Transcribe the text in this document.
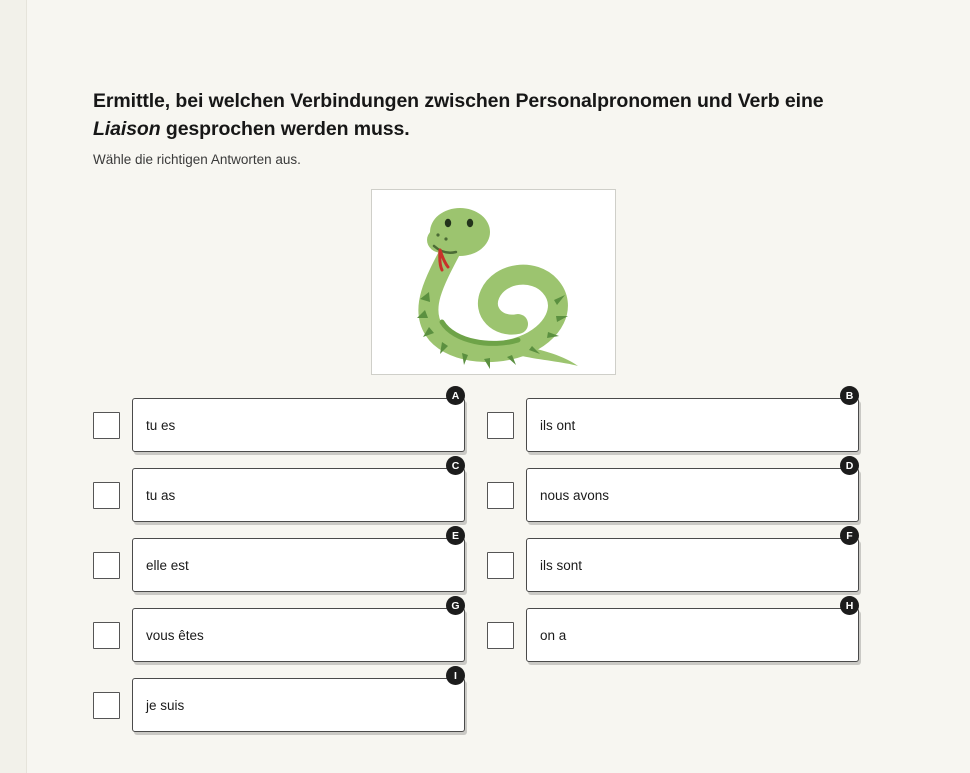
Ermittle, bei welchen Verbindungen zwischen Personalpronomen und Verb eine Liaison gesprochen werden muss.
Wähle die richtigen Antworten aus.
A
tu es
B
ils ont
C
tu as
D
nous avons
E
elle est
F
ils sont
G
vous êtes
H
on a
I
je suis
